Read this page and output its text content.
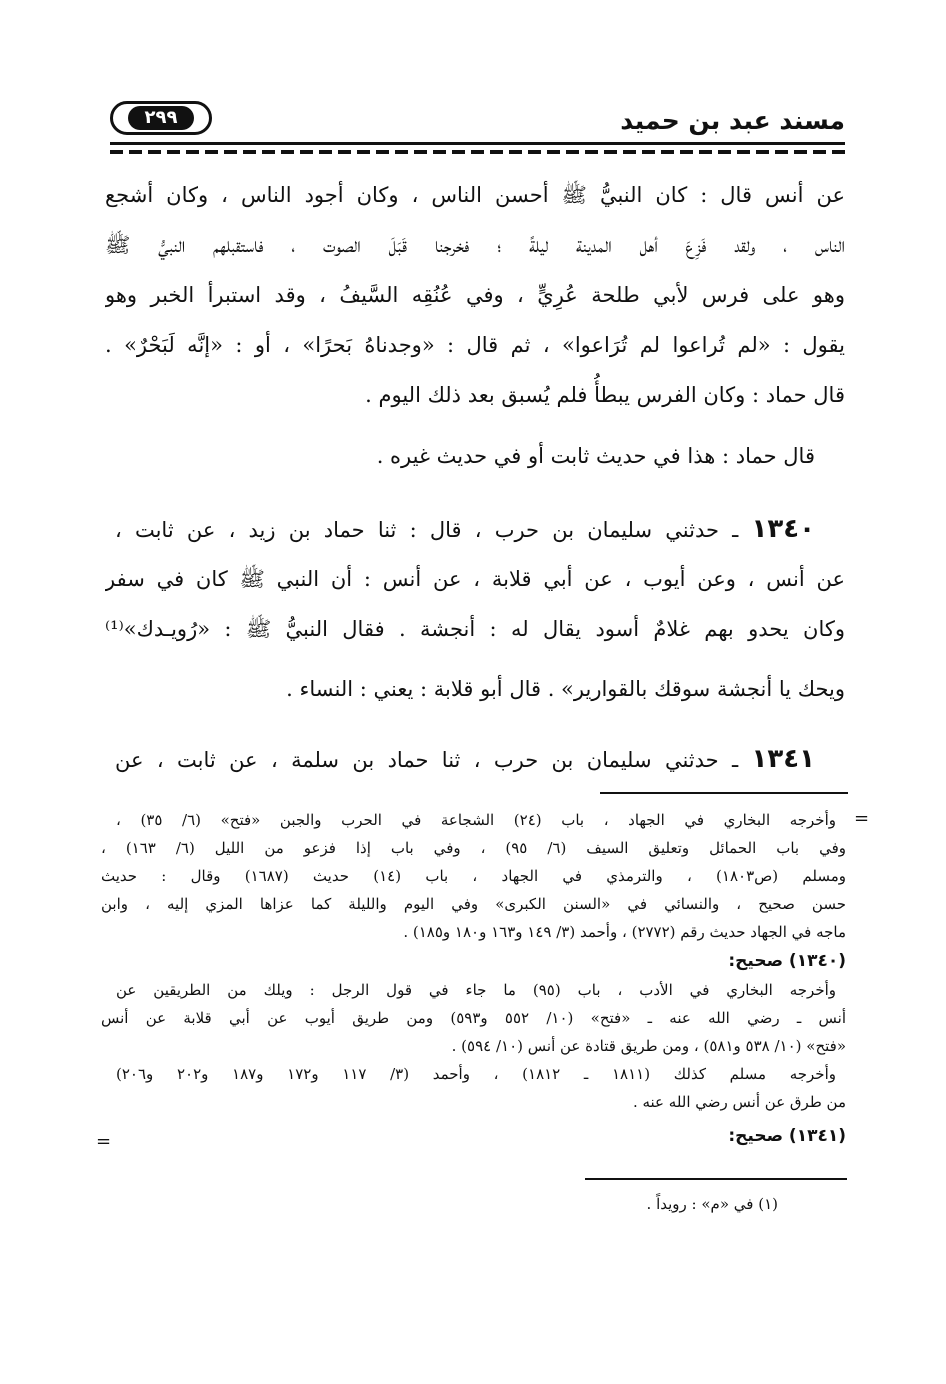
مسند عبد بن حميد
٢٩٩
عن أنس قال : كان النبيُّ ﷺ أحسن الناس ، وكان أجود الناس ، وكان أشجع
الناس ، ولقد فَزِعَ أهل المدينة ليلةً ؛ فخرجنا قَبَلَ الصوت ، فاستقبلهم النبيُّ ﷺ
وهو على فرس لأبي طلحة عُرِيٍّ ، وفي عُنُقِه السَّيفُ ، وقد استبرأ الخبر وهو
يقول : «لم تُراعوا لم تُرَاعوا» ، ثم قال : «وجدناهُ بَحرًا» ، أو : «إنَّه لَبَحْرٌ» .
قال حماد : وكان الفرس يبطأُ فلم يُسبق بعد ذلك اليوم .
قال حماد : هذا في حديث ثابت أو في حديث غيره .
١٣٤٠ ـ حدثني سليمان بن حرب ، قال : ثنا حماد بن زيد ، عن ثابت ،
عن أنس ، وعن أيوب ، عن أبي قلابة ، عن أنس : أن النبي ﷺ كان في سفر
وكان يحدو بهم غلامٌ أسود يقال له : أنجشة . فقال النبيُّ ﷺ : «رُويـدك»⁽¹⁾
ويحك يا أنجشة سوقك بالقوارير» . قال أبو قلابة : يعني : النساء .
١٣٤١ ـ حدثني سليمان بن حرب ، ثنا حماد بن سلمة ، عن ثابت ، عن
=
وأخرجه البخاري في الجهاد ، باب (٢٤) الشجاعة في الحرب والجبن «فتح» (٦/ ٣٥) ،
وفي باب الحمائل وتعليق السيف (٦/ ٩٥) ، وفي باب إذا فزعو من الليل (٦/ ١٦٣) ،
ومسلم (ص١٨٠٣) ، والترمذي في الجهاد ، باب (١٤) حديث (١٦٨٧) وقال : حديث
حسن صحيح ، والنسائي في «السنن الكبرى» وفي اليوم والليلة كما عزاها المزي إليه ، وابن
ماجه في الجهاد حديث رقم (٢٧٧٢) ، وأحمد (٣/ ١٤٩ و١٦٣ و١٨٠ و١٨٥) .
(١٣٤٠) صحيح:
وأخرجه البخاري في الأدب ، باب (٩٥) ما جاء في قول الرجل : ويلك من الطريقين عن
أنس ـ رضي الله عنه ـ «فتح» (١٠/ ٥٥٢ و٥٩٣) ومن طريق أيوب عن أبي قلابة عن أنس
«فتح» (١٠/ ٥٣٨ و٥٨١) ، ومن طريق قتادة عن أنس (١٠/ ٥٩٤) .
وأخرجه مسلم كذلك (١٨١١ ـ ١٨١٢) ، وأحمد (٣/ ١١٧ و١٧٢ و١٨٧ و٢٠٢ و٢٠٦)
من طرق عن أنس رضي الله عنه .
(١٣٤١) صحيح:
=
(١) في «م» : رويداً .
